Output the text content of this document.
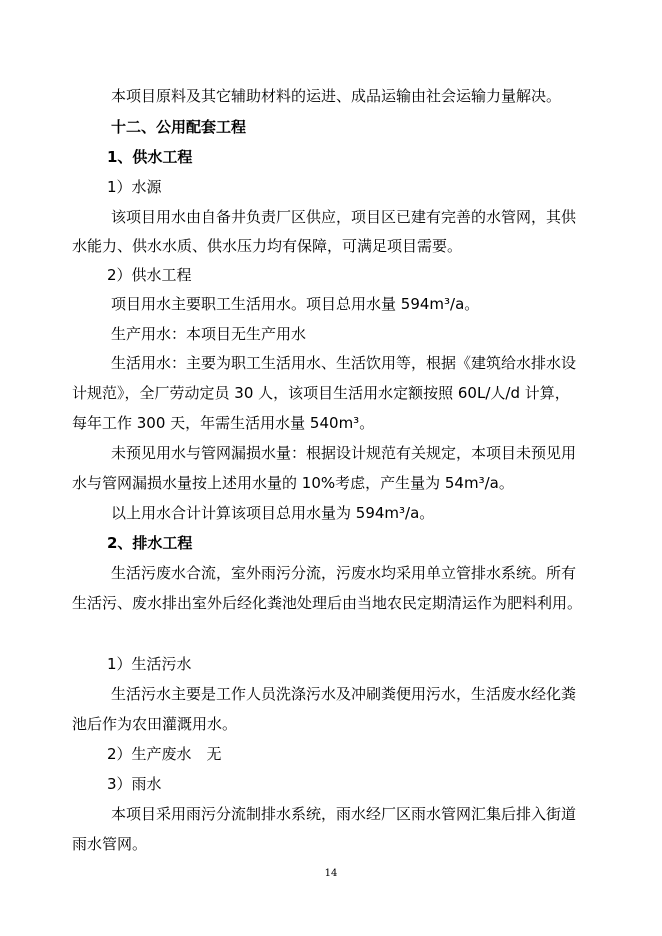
本项目原料及其它辅助材料的运进、成品运输由社会运输力量解决。
十二、公用配套工程
1、供水工程
1）水源
该项目用水由自备井负责厂区供应，项目区已建有完善的水管网，其供
水能力、供水水质、供水压力均有保障，可满足项目需要。
2）供水工程
项目用水主要职工生活用水。项目总用水量 594m³/a。
生产用水：本项目无生产用水
生活用水：主要为职工生活用水、生活饮用等，根据《建筑给水排水设
计规范》，全厂劳动定员 30 人，该项目生活用水定额按照 60L/人/d 计算，
每年工作 300 天，年需生活用水量 540m³。
未预见用水与管网漏损水量：根据设计规范有关规定，本项目未预见用
水与管网漏损水量按上述用水量的 10%考虑，产生量为 54m³/a。
以上用水合计计算该项目总用水量为 594m³/a。
2、排水工程
生活污废水合流，室外雨污分流，污废水均采用单立管排水系统。所有
生活污、废水排出室外后经化粪池处理后由当地农民定期清运作为肥料利用。
1）生活污水
生活污水主要是工作人员洗涤污水及冲刷粪便用污水，生活废水经化粪
池后作为农田灌溉用水。
2）生产废水　无
3）雨水
本项目采用雨污分流制排水系统，雨水经厂区雨水管网汇集后排入街道
雨水管网。
14
